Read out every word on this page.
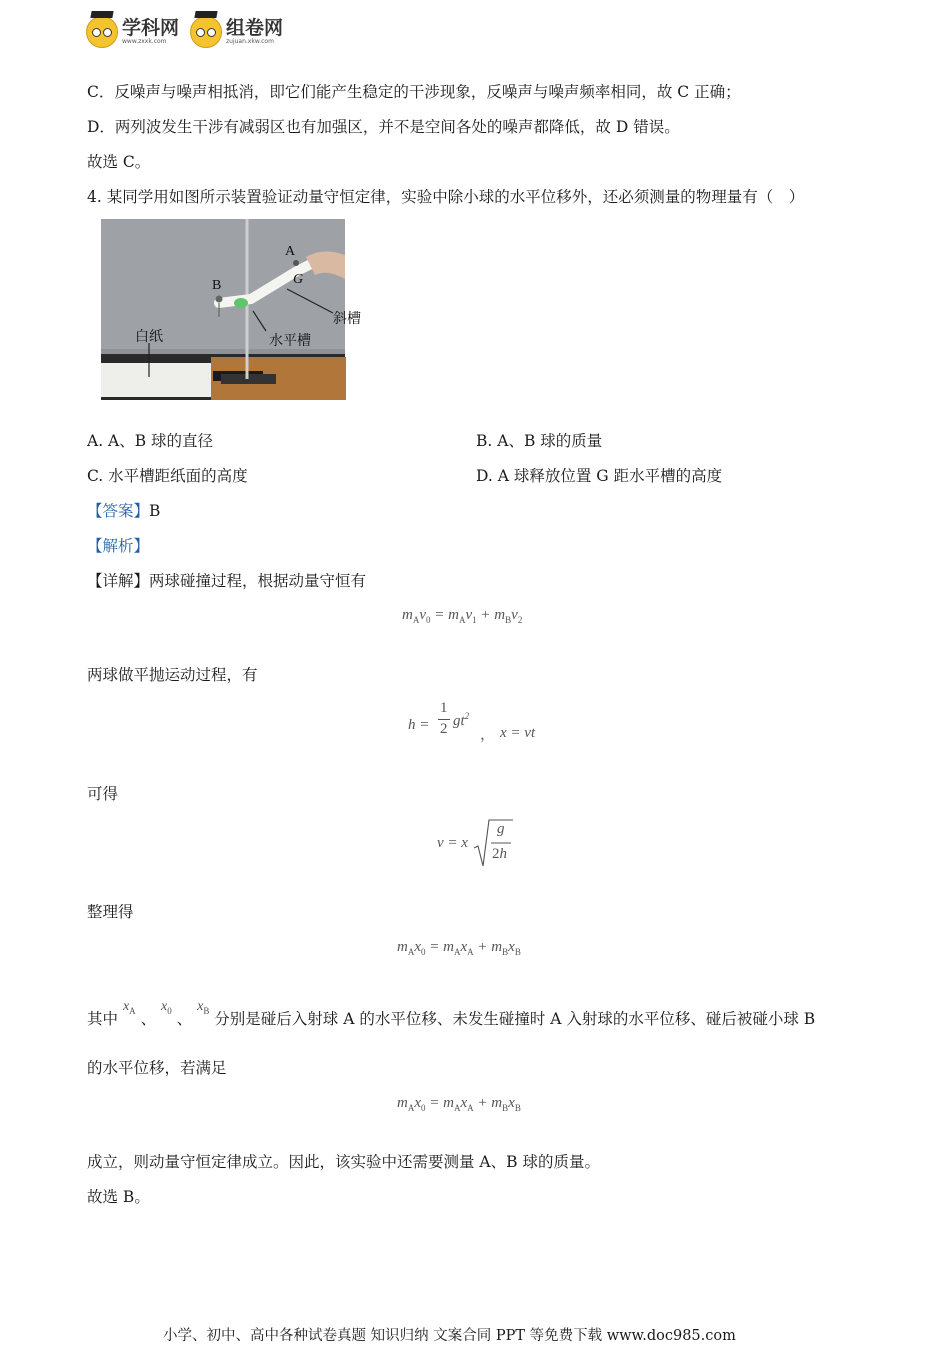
学科网
www.zxxk.com
组卷网
zujuan.xkw.com
C．反噪声与噪声相抵消，即它们能产生稳定的干涉现象，反噪声与噪声频率相同，故 C 正确；
D．两列波发生干涉有减弱区也有加强区，并不是空间各处的噪声都降低，故 D 错误。
故选 C。
4. 某同学用如图所示装置验证动量守恒定律，实验中除小球的水平位移外，还必须测量的物理量有（　）
A
B	G
斜槽
水平槽
白纸
A. A、B 球的直径	B. A、B 球的质量
C. 水平槽距纸面的高度	D. A 球释放位置 G 距水平槽的高度
【答案】B
【解析】
【详解】两球碰撞过程，根据动量守恒有
$m_Av_0 = m_Av_1 + m_Bv_2$
两球做平抛运动过程，有
h =
1
2 $gt^2$
， x = vt
可得
v = x
g
2h
整理得
$m_Ax_0 = m_Ax_A + m_Bx_B$
其中 $x_A$ 、 $x_0$ 、 $x_B$ 分别是碰后入射球 A 的水平位移、未发生碰撞时 A 入射球的水平位移、碰后被碰小球 B
的水平位移，若满足
$m_Ax_0 = m_Ax_A + m_Bx_B$
成立，则动量守恒定律成立。因此，该实验中还需要测量 A、B 球的质量。
故选 B。
小学、初中、高中各种试卷真题 知识归纳 文案合同 PPT 等免费下载 www.doc985.com
